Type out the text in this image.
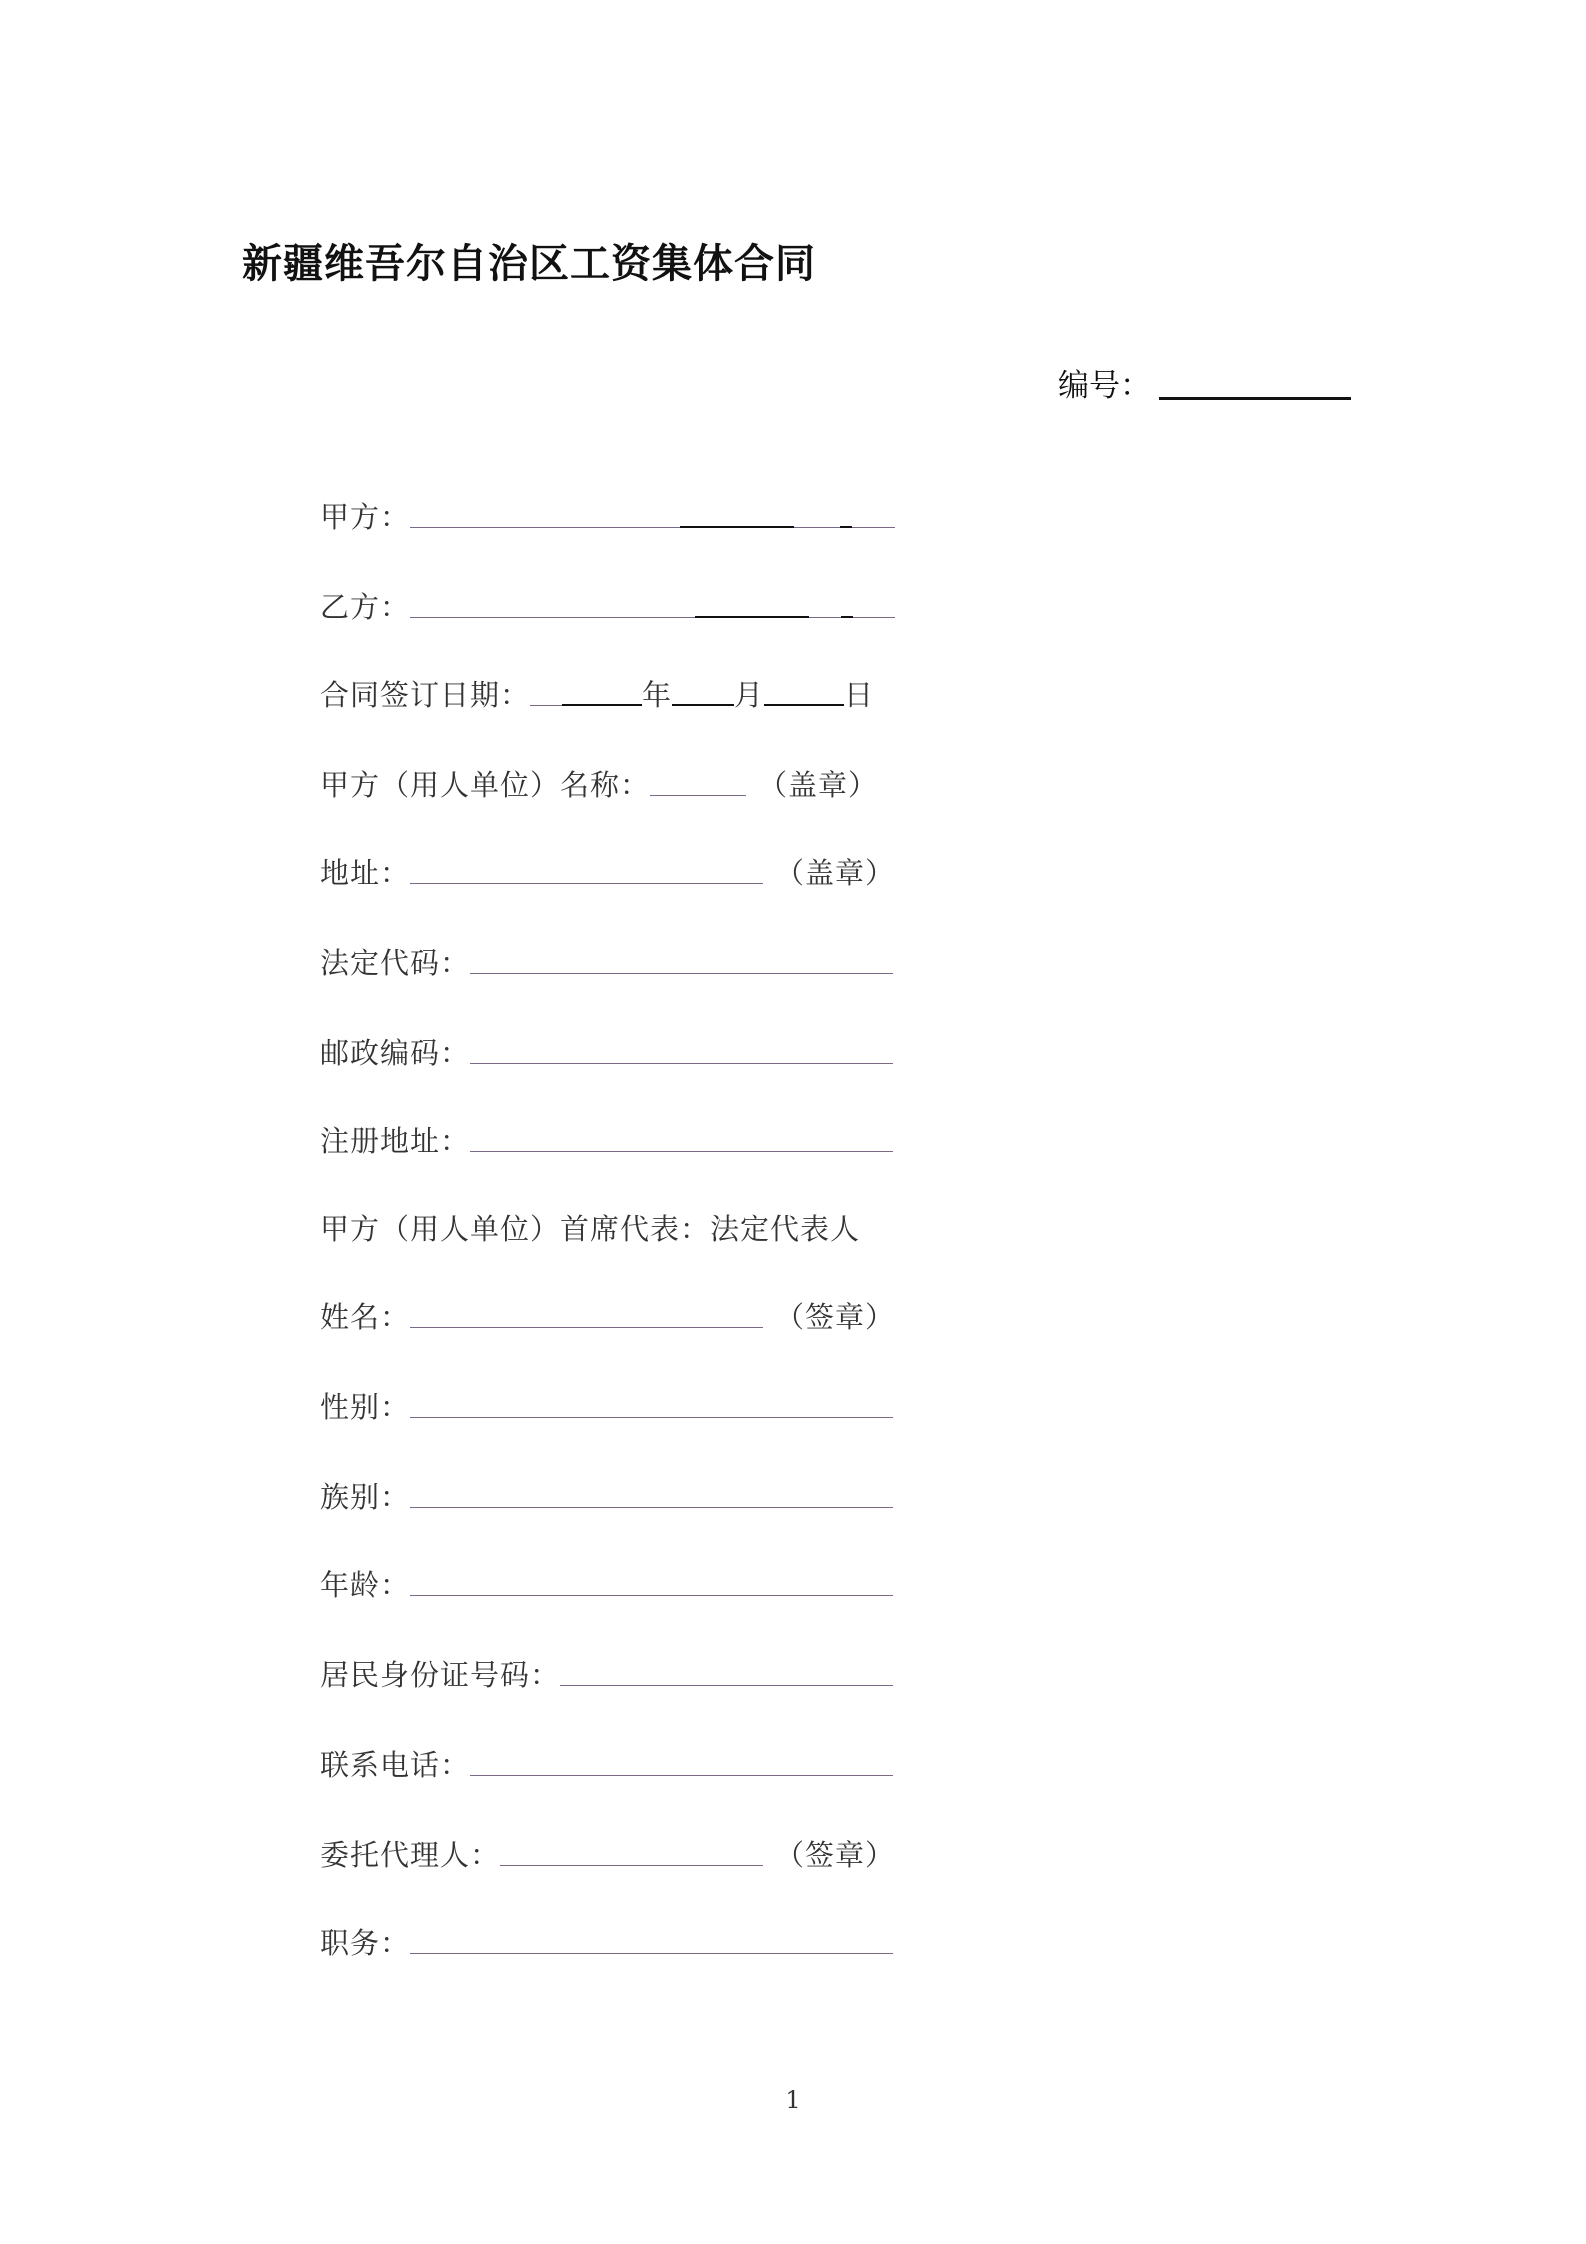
新疆维吾尔自治区工资集体合同
编号：
甲方：
乙方：
合同签订日期：	年 月	日
甲方（用人单位）名称：	（盖章）
地址：	（盖章）
法定代码：
邮政编码：
注册地址：
甲方（用人单位）首席代表：法定代表人
姓名：	（签章）
性别：
族别：
年龄：
居民身份证号码：
联系电话：
委托代理人：	（签章）
职务：
1
